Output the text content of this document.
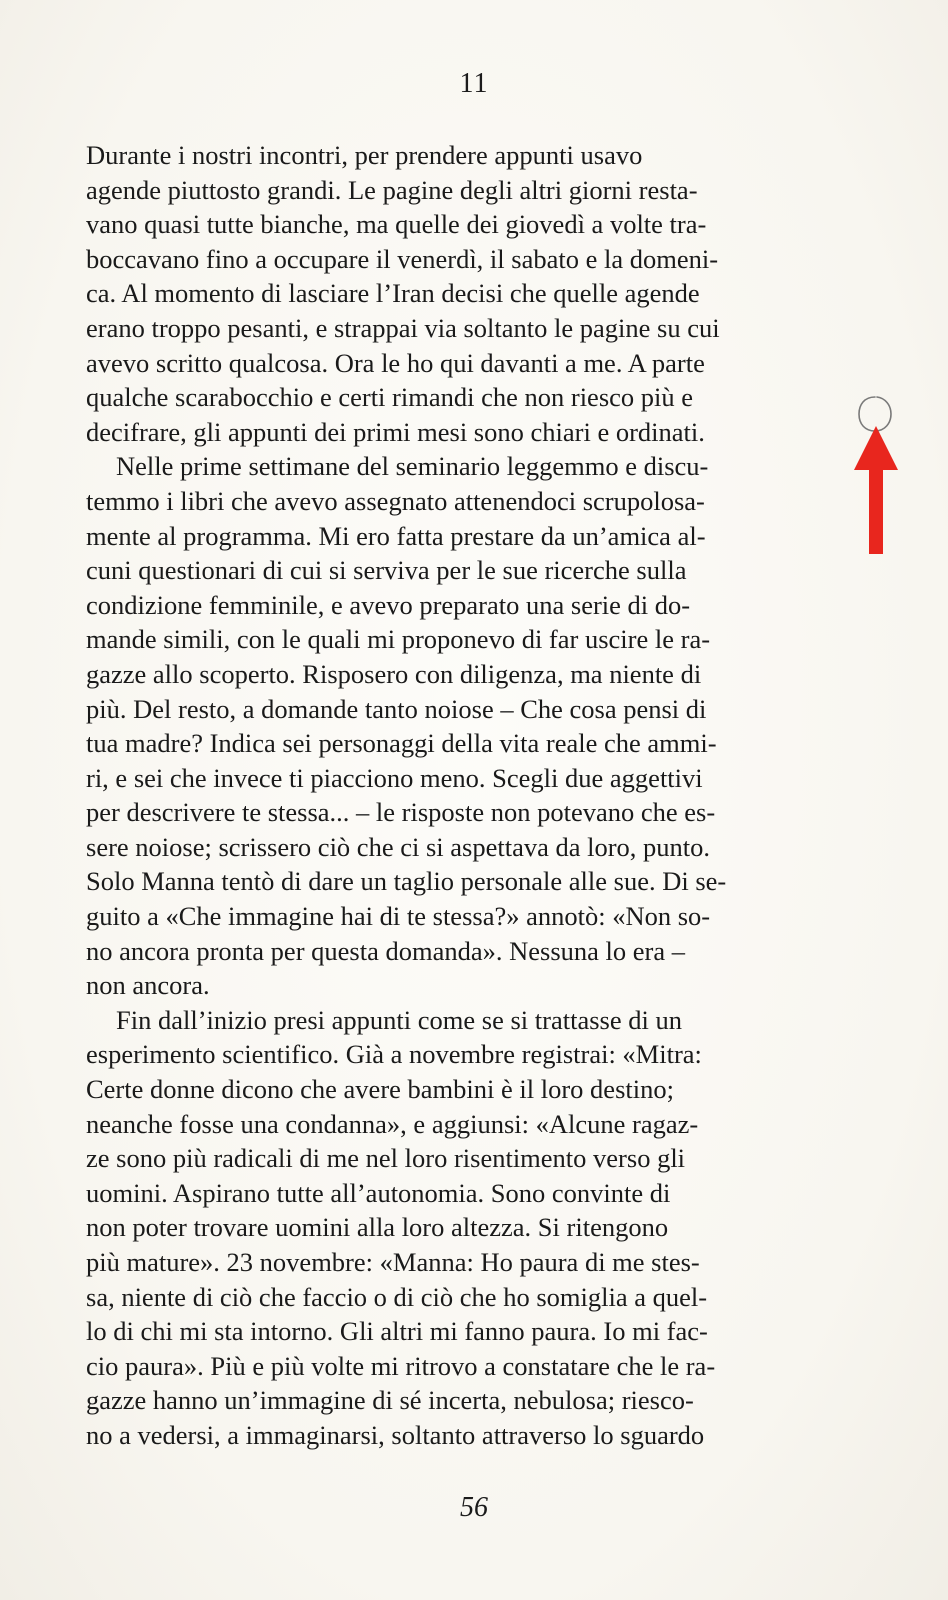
11
Durante i nostri incontri, per prendere appunti usavo
agende piuttosto grandi. Le pagine degli altri giorni resta-
vano quasi tutte bianche, ma quelle dei giovedì a volte tra-
boccavano fino a occupare il venerdì, il sabato e la domeni-
ca. Al momento di lasciare l’Iran decisi che quelle agende
erano troppo pesanti, e strappai via soltanto le pagine su cui
avevo scritto qualcosa. Ora le ho qui davanti a me. A parte
qualche scarabocchio e certi rimandi che non riesco più e
decifrare, gli appunti dei primi mesi sono chiari e ordinati.
Nelle prime settimane del seminario leggemmo e discu-
temmo i libri che avevo assegnato attenendoci scrupolosa-
mente al programma. Mi ero fatta prestare da un’amica al-
cuni questionari di cui si serviva per le sue ricerche sulla
condizione femminile, e avevo preparato una serie di do-
mande simili, con le quali mi proponevo di far uscire le ra-
gazze allo scoperto. Risposero con diligenza, ma niente di
più. Del resto, a domande tanto noiose – Che cosa pensi di
tua madre? Indica sei personaggi della vita reale che ammi-
ri, e sei che invece ti piacciono meno. Scegli due aggettivi
per descrivere te stessa... – le risposte non potevano che es-
sere noiose; scrissero ciò che ci si aspettava da loro, punto.
Solo Manna tentò di dare un taglio personale alle sue. Di se-
guito a «Che immagine hai di te stessa?» annotò: «Non so-
no ancora pronta per questa domanda». Nessuna lo era –
non ancora.
Fin dall’inizio presi appunti come se si trattasse di un
esperimento scientifico. Già a novembre registrai: «Mitra:
Certe donne dicono che avere bambini è il loro destino;
neanche fosse una condanna», e aggiunsi: «Alcune ragaz-
ze sono più radicali di me nel loro risentimento verso gli
uomini. Aspirano tutte all’autonomia. Sono convinte di
non poter trovare uomini alla loro altezza. Si ritengono
più mature». 23 novembre: «Manna: Ho paura di me stes-
sa, niente di ciò che faccio o di ciò che ho somiglia a quel-
lo di chi mi sta intorno. Gli altri mi fanno paura. Io mi fac-
cio paura». Più e più volte mi ritrovo a constatare che le ra-
gazze hanno un’immagine di sé incerta, nebulosa; riesco-
no a vedersi, a immaginarsi, soltanto attraverso lo sguardo
56
